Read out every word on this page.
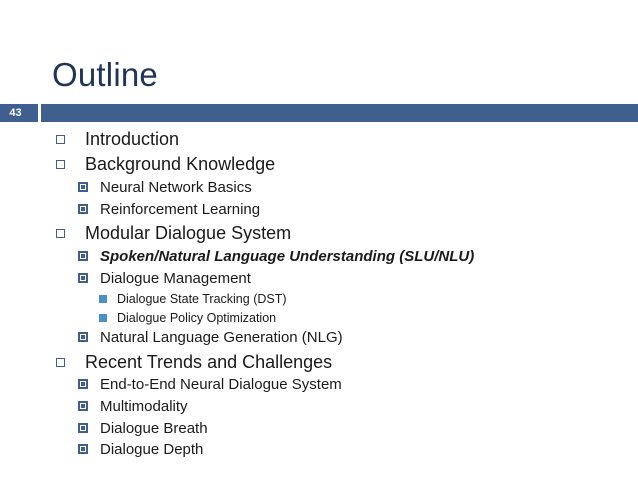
Outline
43
Introduction
Background Knowledge
Neural Network Basics
Reinforcement Learning
Modular Dialogue System
Spoken/Natural Language Understanding (SLU/NLU)
Dialogue Management
Dialogue State Tracking (DST)
Dialogue Policy Optimization
Natural Language Generation (NLG)
Recent Trends and Challenges
End-to-End Neural Dialogue System
Multimodality
Dialogue Breath
Dialogue Depth
